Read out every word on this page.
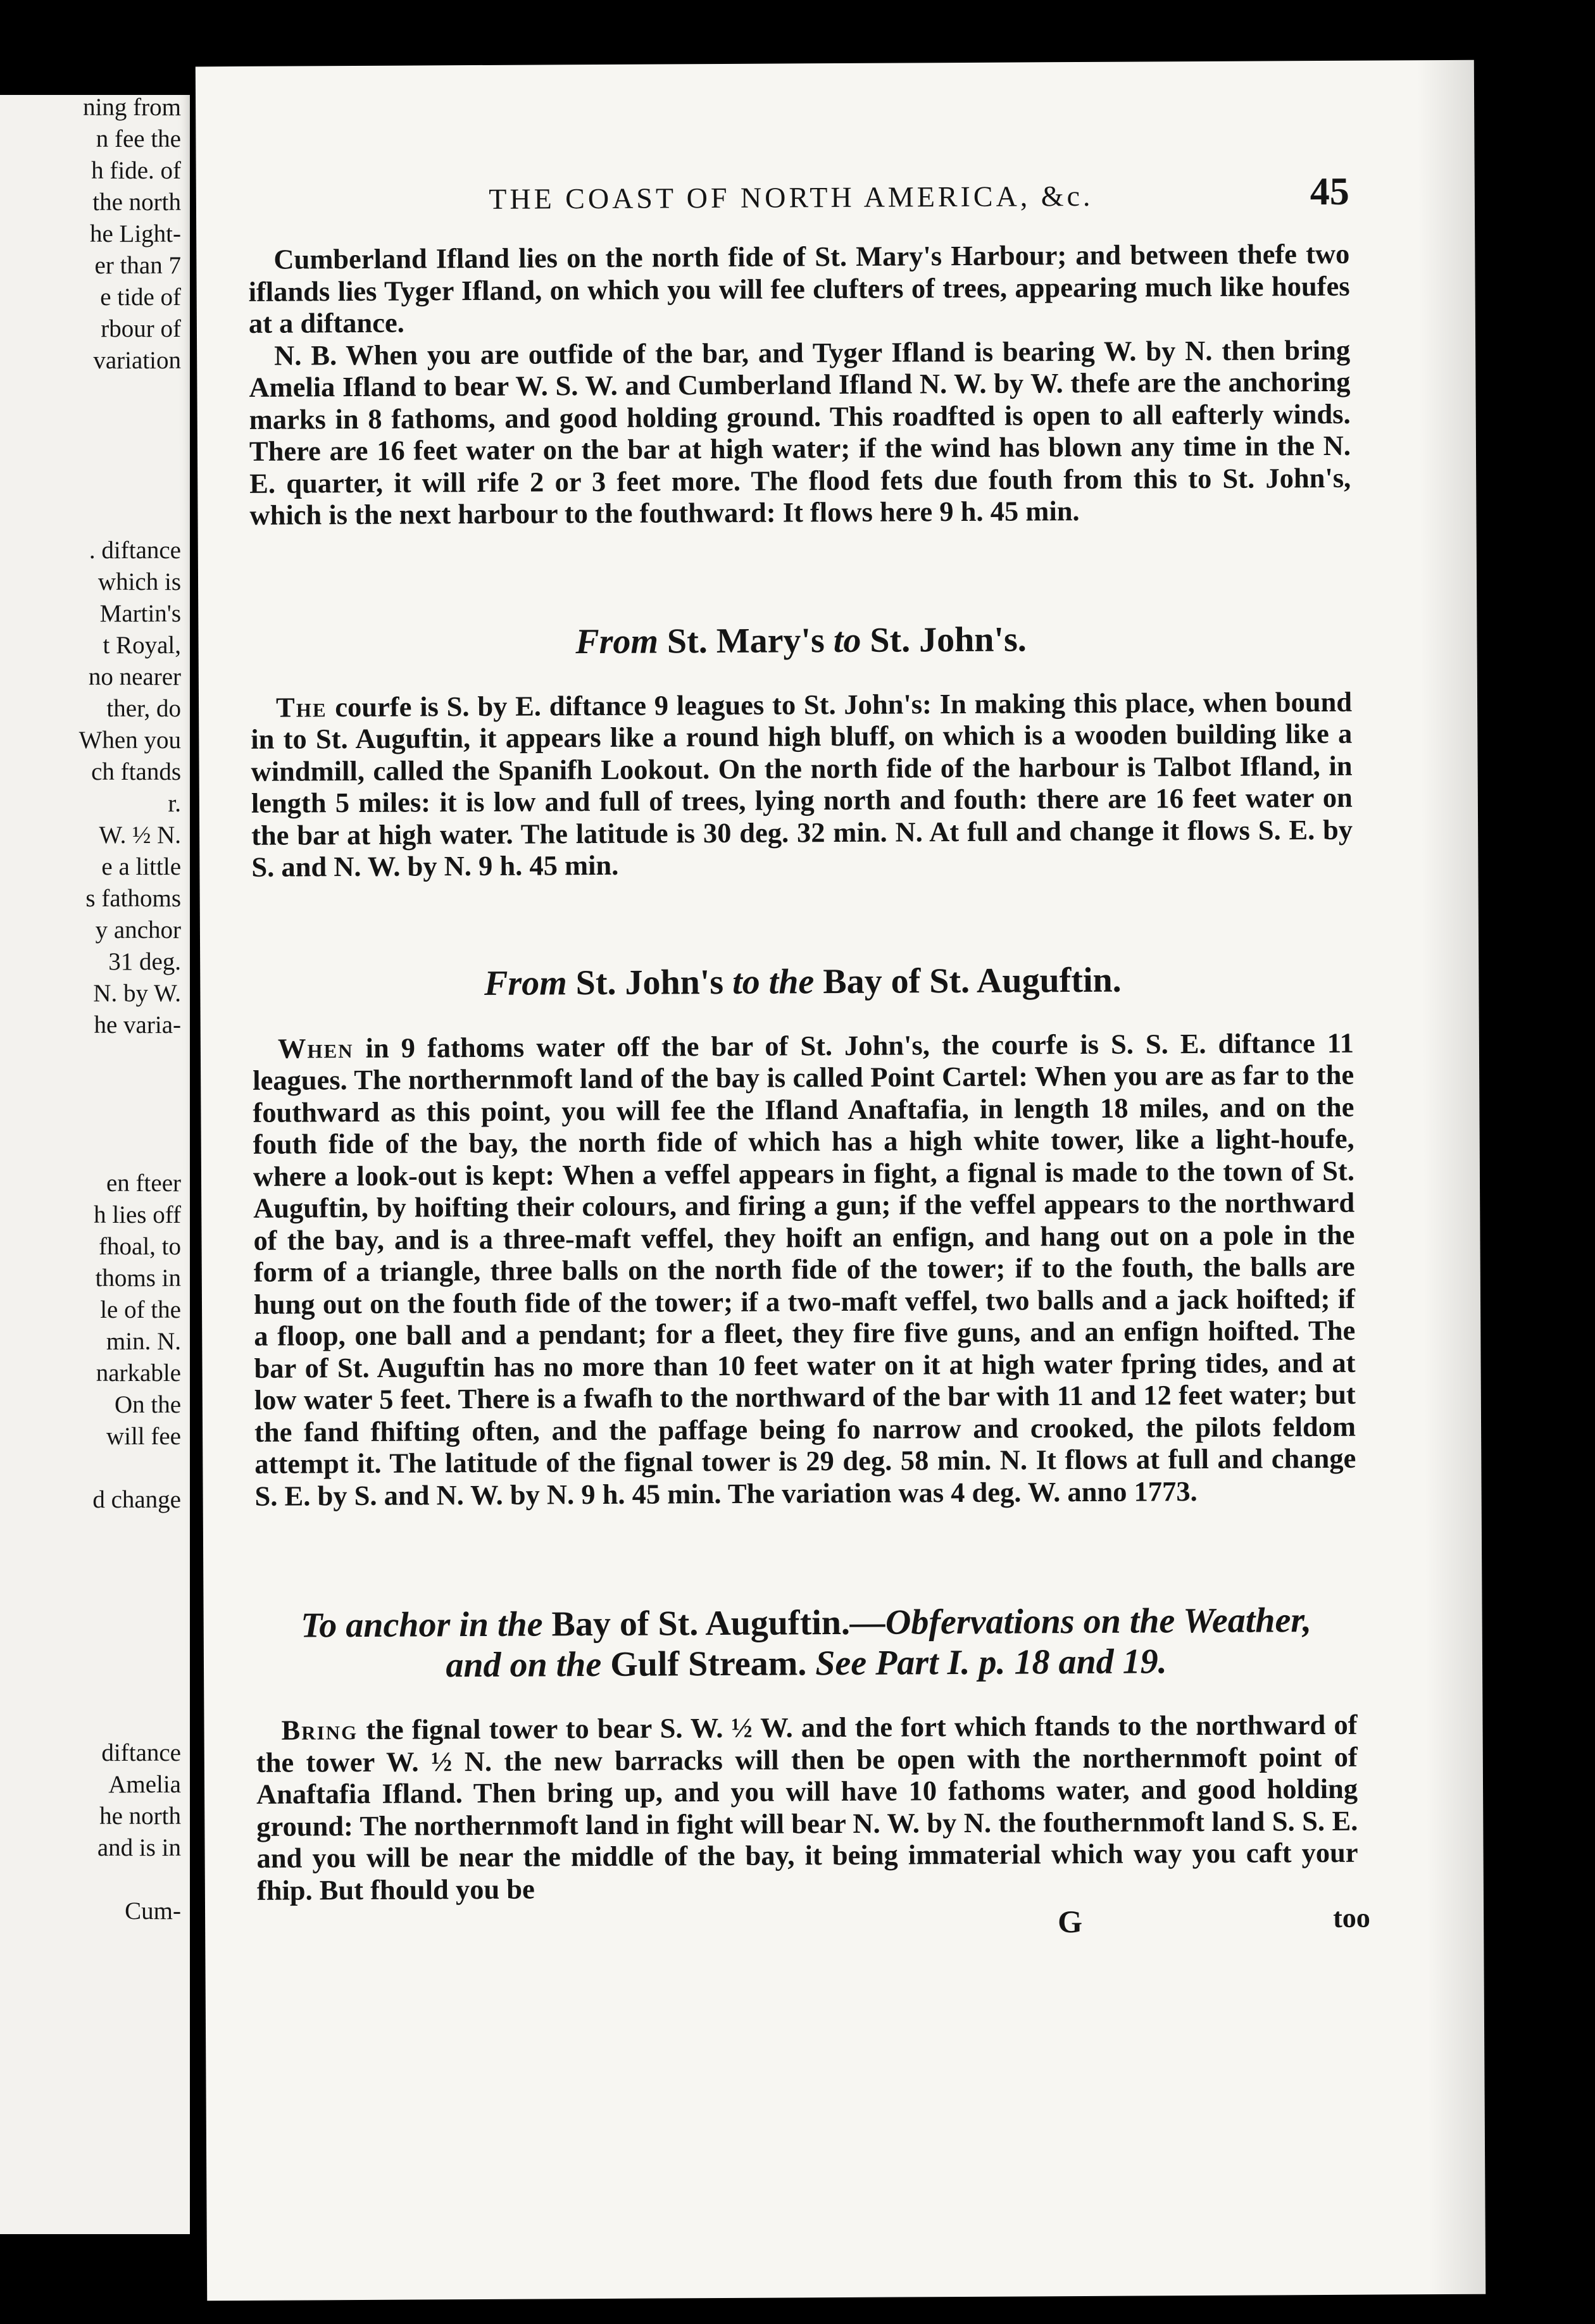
ning from
n fee the
h fide. of
the north
he Light-
er than 7
e tide of
rbour of
variation
. diftance
which is
Martin's
t Royal,
no nearer
ther, do
When you
ch ftands
r.
W. ½ N.
e a little
s fathoms
y anchor
31 deg.
N. by W.
he varia-
en fteer
h lies off
fhoal, to
thoms in
le of the
min. N.
narkable
On the
will fee
d change
diftance
Amelia
he north
and is in
Cum-
THE COAST OF NORTH AMERICA, &c.	45

Cumberland Ifland lies on the north fide of St. Mary's Harbour; and between thefe two iflands lies Tyger Ifland, on which you will fee clufters of trees, appearing much like houfes at a diftance.

N. B. When you are outfide of the bar, and Tyger Ifland is bearing W. by N. then bring Amelia Ifland to bear W. S. W. and Cumberland Ifland N. W. by W. thefe are the anchoring marks in 8 fathoms, and good holding ground. This roadfted is open to all eafterly winds. There are 16 feet water on the bar at high water; if the wind has blown any time in the N. E. quarter, it will rife 2 or 3 feet more. The flood fets due fouth from this to St. John's, which is the next harbour to the fouthward: It flows here 9 h. 45 min.

From St. Mary's to St. John's.

The courfe is S. by E. diftance 9 leagues to St. John's: In making this place, when bound in to St. Auguftin, it appears like a round high bluff, on which is a wooden building like a windmill, called the Spanifh Lookout. On the north fide of the harbour is Talbot Ifland, in length 5 miles: it is low and full of trees, lying north and fouth: there are 16 feet water on the bar at high water. The latitude is 30 deg. 32 min. N. At full and change it flows S. E. by S. and N. W. by N. 9 h. 45 min.

From St. John's to the Bay of St. Auguftin.

When in 9 fathoms water off the bar of St. John's, the courfe is S. S. E. diftance 11 leagues. The northernmoft land of the bay is called Point Cartel: When you are as far to the fouthward as this point, you will fee the Ifland Anaftafia, in length 18 miles, and on the fouth fide of the bay, the north fide of which has a high white tower, like a light-houfe, where a look-out is kept: When a veffel appears in fight, a fignal is made to the town of St. Auguftin, by hoifting their colours, and firing a gun; if the veffel appears to the northward of the bay, and is a three-maft veffel, they hoift an enfign, and hang out on a pole in the form of a triangle, three balls on the north fide of the tower; if to the fouth, the balls are hung out on the fouth fide of the tower; if a two-maft veffel, two balls and a jack hoifted; if a floop, one ball and a pendant; for a fleet, they fire five guns, and an enfign hoifted. The bar of St. Auguftin has no more than 10 feet water on it at high water fpring tides, and at low water 5 feet. There is a fwafh to the northward of the bar with 11 and 12 feet water; but the fand fhifting often, and the paffage being fo narrow and crooked, the pilots feldom attempt it. The latitude of the fignal tower is 29 deg. 58 min. N. It flows at full and change S. E. by S. and N. W. by N. 9 h. 45 min. The variation was 4 deg. W. anno 1773.

To anchor in the Bay of St. Auguftin.—Obfervations on the Weather,
and on the Gulf Stream. See Part I. p. 18 and 19.

Bring the fignal tower to bear S. W. ½ W. and the fort which ftands to the northward of the tower W. ½ N. the new barracks will then be open with the northernmoft point of Anaftafia Ifland. Then bring up, and you will have 10 fathoms water, and good holding ground: The northernmoft land in fight will bear N. W. by N. the fouthernmoft land S. S. E. and you will be near the middle of the bay, it being immaterial which way you caft your fhip. But fhould you be

G	too
